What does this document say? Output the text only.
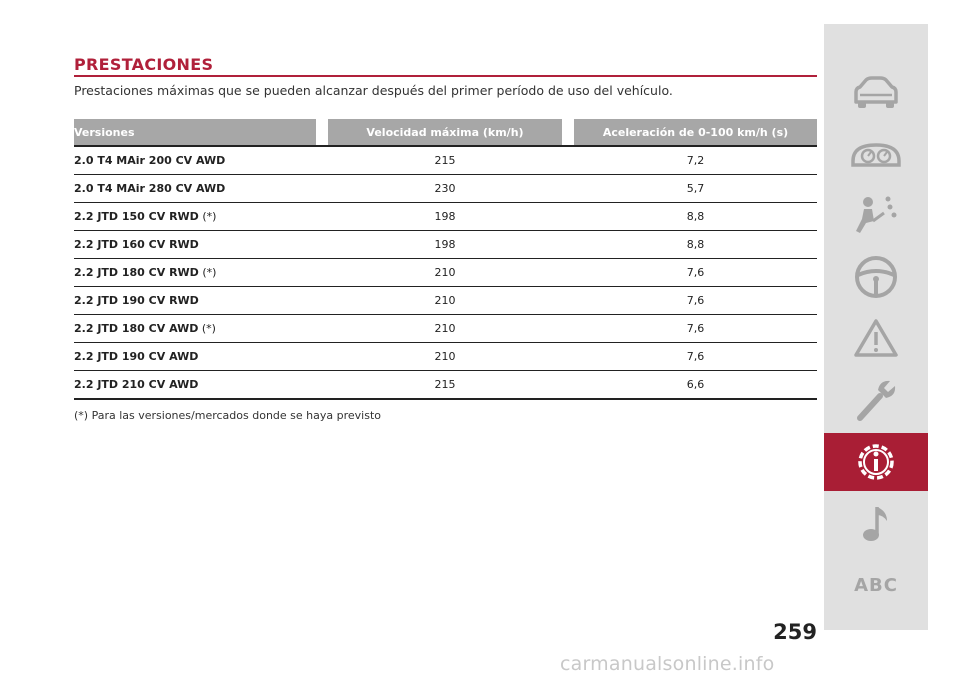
PRESTACIONES
Prestaciones máximas que se pueden alcanzar después del primer período de uso del vehículo.
Versiones		Velocidad máxima (km/h)		Aceleración de 0-100 km/h (s)

2.0 T4 MAir 200 CV AWD		215		7,2
2.0 T4 MAir 280 CV AWD		230		5,7
2.2 JTD 150 CV RWD (*)		198		8,8
2.2 JTD 160 CV RWD		198		8,8
2.2 JTD 180 CV RWD (*)		210		7,6
2.2 JTD 190 CV RWD		210		7,6
2.2 JTD 180 CV AWD (*)		210		7,6
2.2 JTD 190 CV AWD		210		7,6
2.2 JTD 210 CV AWD		215		6,6
(*) Para las versiones/mercados donde se haya previsto
259
ABC
carmanualsonline.info
